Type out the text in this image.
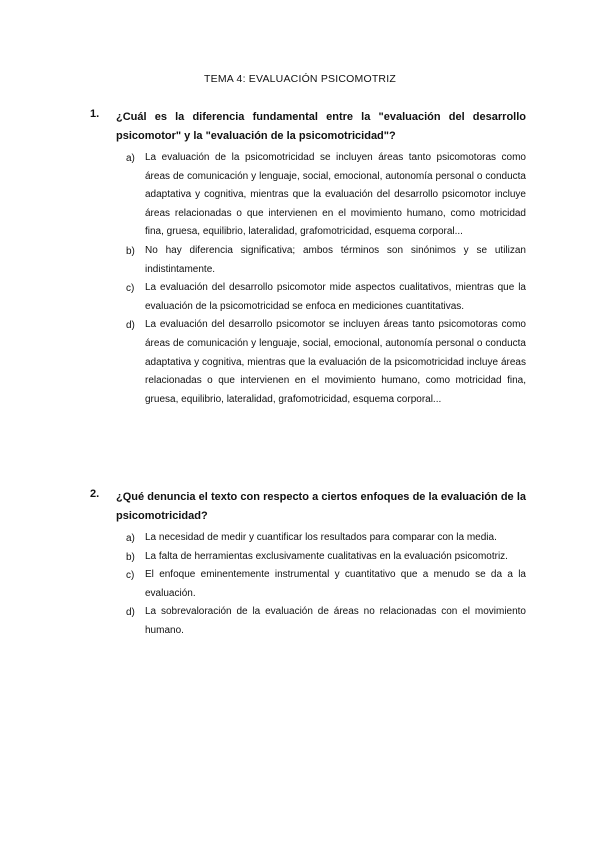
TEMA 4: EVALUACIÓN PSICOMOTRIZ
1. ¿Cuál es la diferencia fundamental entre la "evaluación del desarrollo psicomotor" y la "evaluación de la psicomotricidad"?
a) La evaluación de la psicomotricidad se incluyen áreas tanto psicomotoras como áreas de comunicación y lenguaje, social, emocional, autonomía personal o conducta adaptativa y cognitiva, mientras que la evaluación del desarrollo psicomotor incluye áreas relacionadas o que intervienen en el movimiento humano, como motricidad fina, gruesa, equilibrio, lateralidad, grafomotricidad, esquema corporal...
b) No hay diferencia significativa; ambos términos son sinónimos y se utilizan indistintamente.
c) La evaluación del desarrollo psicomotor mide aspectos cualitativos, mientras que la evaluación de la psicomotricidad se enfoca en mediciones cuantitativas.
d) La evaluación del desarrollo psicomotor se incluyen áreas tanto psicomotoras como áreas de comunicación y lenguaje, social, emocional, autonomía personal o conducta adaptativa y cognitiva, mientras que la evaluación de la psicomotricidad incluye áreas relacionadas o que intervienen en el movimiento humano, como motricidad fina, gruesa, equilibrio, lateralidad, grafomotricidad, esquema corporal...
2. ¿Qué denuncia el texto con respecto a ciertos enfoques de la evaluación de la psicomotricidad?
a) La necesidad de medir y cuantificar los resultados para comparar con la media.
b) La falta de herramientas exclusivamente cualitativas en la evaluación psicomotriz.
c) El enfoque eminentemente instrumental y cuantitativo que a menudo se da a la evaluación.
d) La sobrevaloración de la evaluación de áreas no relacionadas con el movimiento humano.
